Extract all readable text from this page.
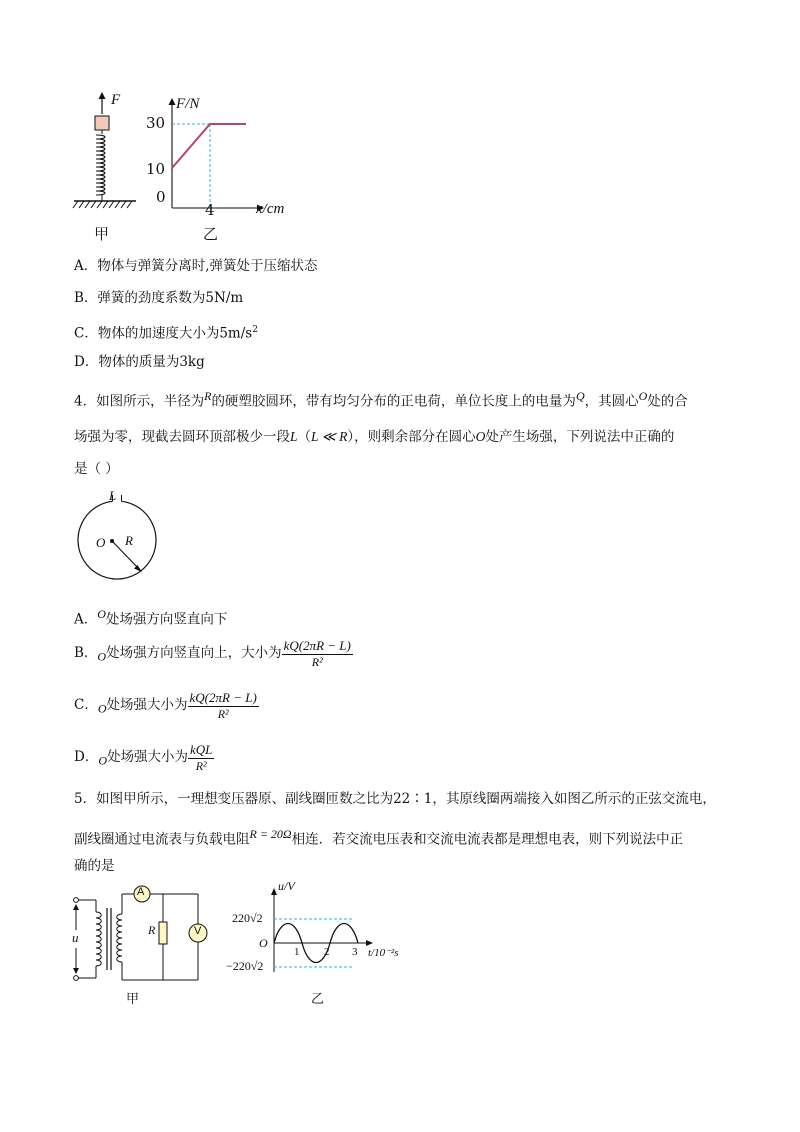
F	F/N
30
10
0
4	x/cm
甲	乙
A．物体与弹簧分离时,弹簧处于压缩状态
B．弹簧的劲度系数为5N/m
C．物体的加速度大小为$5m/s^2$
D．物体的质量为3kg
4．如图所示，半径为$^R$的硬塑胶圆环，带有均匀分布的正电荷，单位长度上的电量为$^Q$，其圆心$^O$处的合
场强为零，现截去圆环顶部极少一段L（L ≪ R），则剩余部分在圆心O处产生场强，下列说法中正确的
是（ ）
L
O R
A．$^O$处场强方向竖直向下
B．$_O$处场强方向竖直向上，大小为 $\frac{kQ(2\pi R - L)}{\text{R²}}$
C．$_O$处场强大小为 $\frac{kQ(2\pi R - L)}{\text{R²}}$
D．$_O$处场强大小为 $\frac{\text{kQL}}{\text{R²}}$
5．如图甲所示，一理想变压器原、副线圈匝数之比为22∶1，其原线圈两端接入如图乙所示的正弦交流电，
副线圈通过电流表与负载电阻$^{R = 20\Omega}$相连．若交流电压表和交流电流表都是理想电表，则下列说法中正
确的是
u
A
R	V
甲
u/V
220√2
O
1 2 3 t/10⁻²s
−220√2
乙
